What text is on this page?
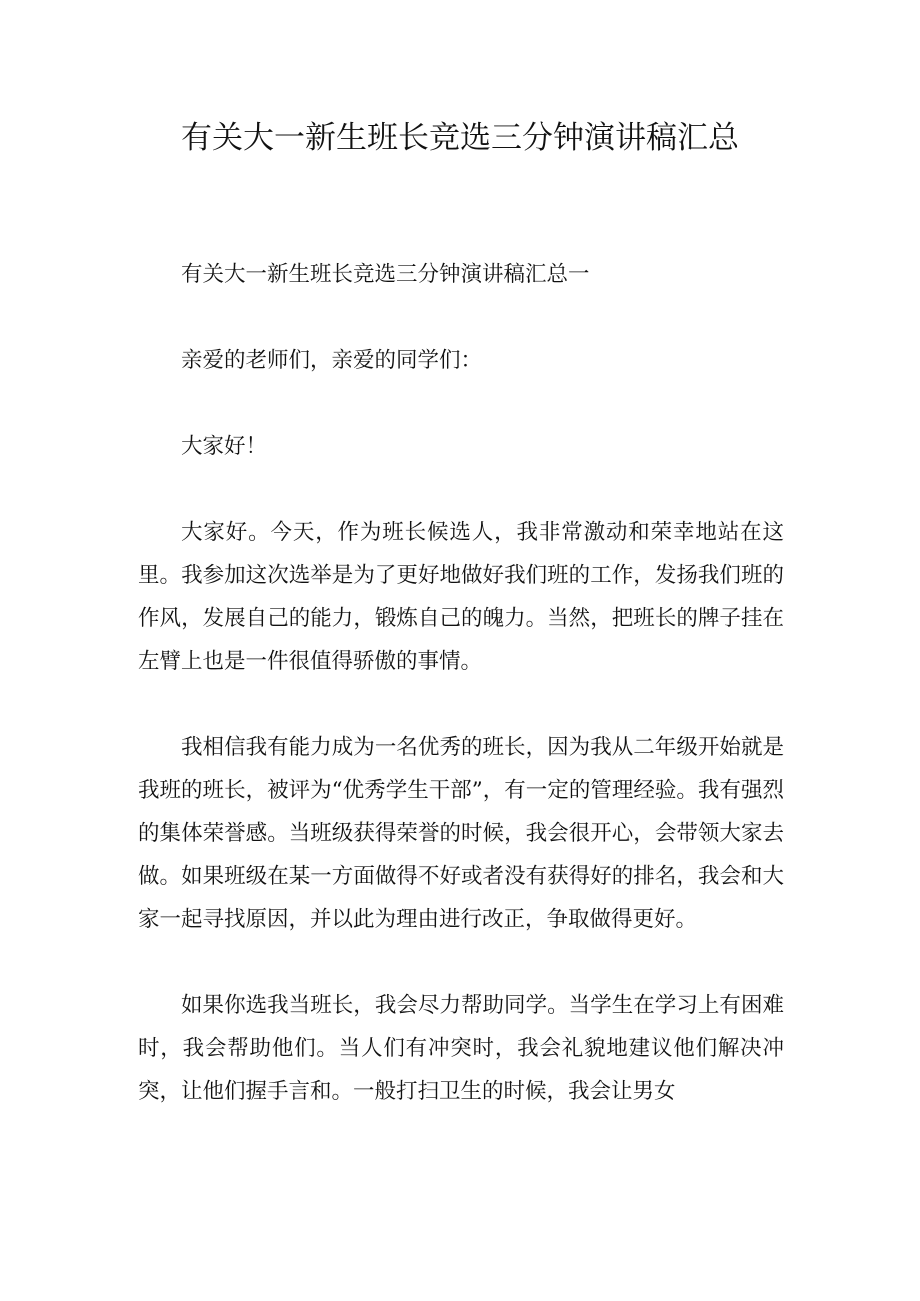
有关大一新生班长竞选三分钟演讲稿汇总

有关大一新生班长竞选三分钟演讲稿汇总一

亲爱的老师们，亲爱的同学们：

大家好！

大家好。今天，作为班长候选人，我非常激动和荣幸地站在这里。我参加这次选举是为了更好地做好我们班的工作，发扬我们班的作风，发展自己的能力，锻炼自己的魄力。当然，把班长的牌子挂在左臂上也是一件很值得骄傲的事情。

我相信我有能力成为一名优秀的班长，因为我从二年级开始就是我班的班长，被评为“优秀学生干部”，有一定的管理经验。我有强烈的集体荣誉感。当班级获得荣誉的时候，我会很开心，会带领大家去做。如果班级在某一方面做得不好或者没有获得好的排名，我会和大家一起寻找原因，并以此为理由进行改正，争取做得更好。

如果你选我当班长，我会尽力帮助同学。当学生在学习上有困难时，我会帮助他们。当人们有冲突时，我会礼貌地建议他们解决冲突，让他们握手言和。一般打扫卫生的时候，我会让男女
